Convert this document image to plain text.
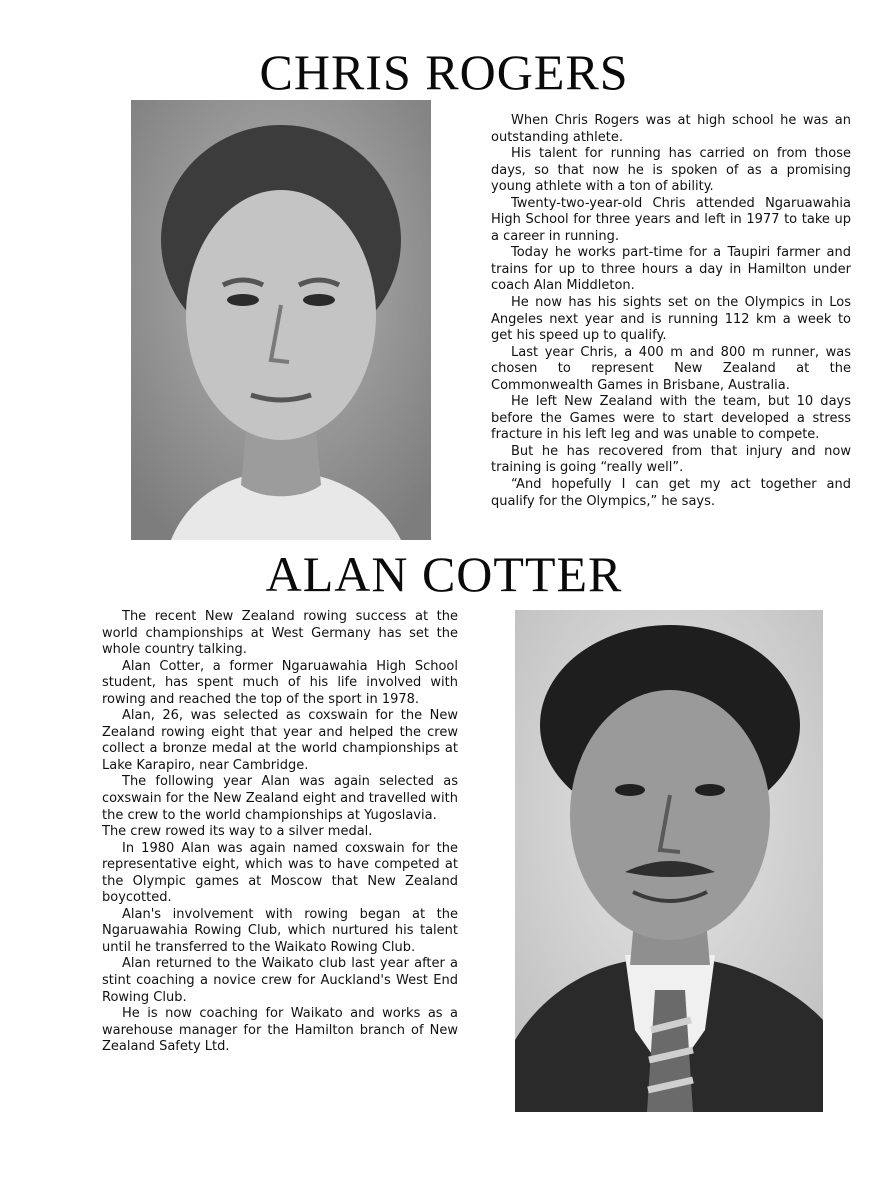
CHRIS ROGERS

When Chris Rogers was at high school he was an outstanding athlete.

His talent for running has carried on from those days, so that now he is spoken of as a promising young athlete with a ton of ability.

Twenty-two-year-old Chris attended Ngaruawahia High School for three years and left in 1977 to take up a career in running.

Today he works part-time for a Taupiri farmer and trains for up to three hours a day in Hamilton under coach Alan Middleton.

He now has his sights set on the Olympics in Los Angeles next year and is running 112 km a week to get his speed up to qualify.

Last year Chris, a 400 m and 800 m runner, was chosen to represent New Zealand at the Commonwealth Games in Brisbane, Australia.

He left New Zealand with the team, but 10 days before the Games were to start developed a stress fracture in his left leg and was unable to compete.

But he has recovered from that injury and now training is going “really well”.

“And hopefully I can get my act together and qualify for the Olympics,” he says.

ALAN COTTER

The recent New Zealand rowing success at the world championships at West Germany has set the whole country talking.

Alan Cotter, a former Ngaruawahia High School student, has spent much of his life involved with rowing and reached the top of the sport in 1978.

Alan, 26, was selected as coxswain for the New Zealand rowing eight that year and helped the crew collect a bronze medal at the world championships at Lake Karapiro, near Cambridge.

The following year Alan was again selected as coxswain for the New Zealand eight and travelled with the crew to the world championships at Yugoslavia.

The crew rowed its way to a silver medal.

In 1980 Alan was again named coxswain for the representative eight, which was to have competed at the Olympic games at Moscow that New Zealand boycotted.

Alan's involvement with rowing began at the Ngaruawahia Rowing Club, which nurtured his talent until he transferred to the Waikato Rowing Club.

Alan returned to the Waikato club last year after a stint coaching a novice crew for Auckland's West End Rowing Club.

He is now coaching for Waikato and works as a warehouse manager for the Hamilton branch of New Zealand Safety Ltd.
